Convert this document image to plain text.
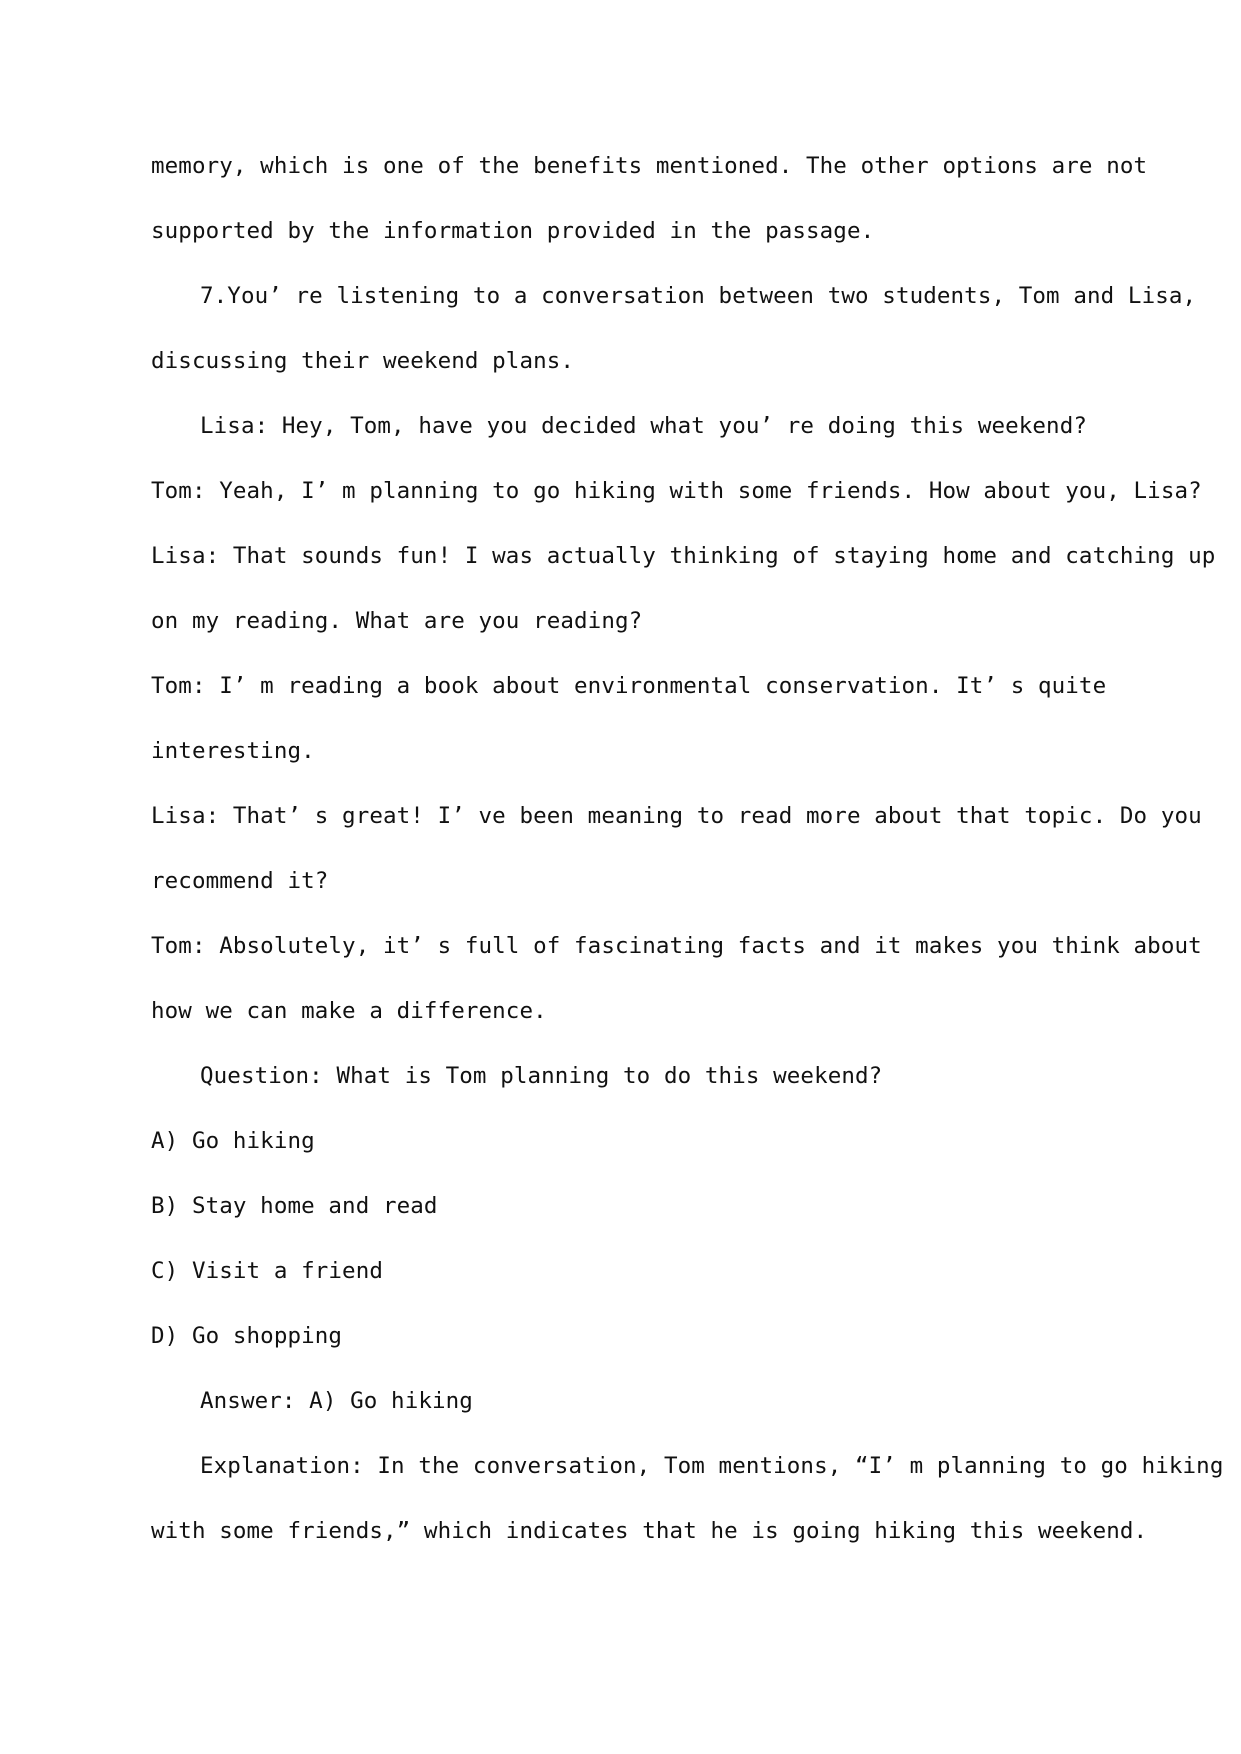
memory, which is one of the benefits mentioned. The other options are not
supported by the information provided in the passage.
7.You’ re listening to a conversation between two students, Tom and Lisa,
discussing their weekend plans.
Lisa: Hey, Tom, have you decided what you’ re doing this weekend?
Tom: Yeah, I’ m planning to go hiking with some friends. How about you, Lisa?
Lisa: That sounds fun! I was actually thinking of staying home and catching up
on my reading. What are you reading?
Tom: I’ m reading a book about environmental conservation. It’ s quite
interesting.
Lisa: That’ s great! I’ ve been meaning to read more about that topic. Do you
recommend it?
Tom: Absolutely, it’ s full of fascinating facts and it makes you think about
how we can make a difference.
Question: What is Tom planning to do this weekend?
A) Go hiking
B) Stay home and read
C) Visit a friend
D) Go shopping
Answer: A) Go hiking
Explanation: In the conversation, Tom mentions, “I’ m planning to go hiking
with some friends,” which indicates that he is going hiking this weekend.
